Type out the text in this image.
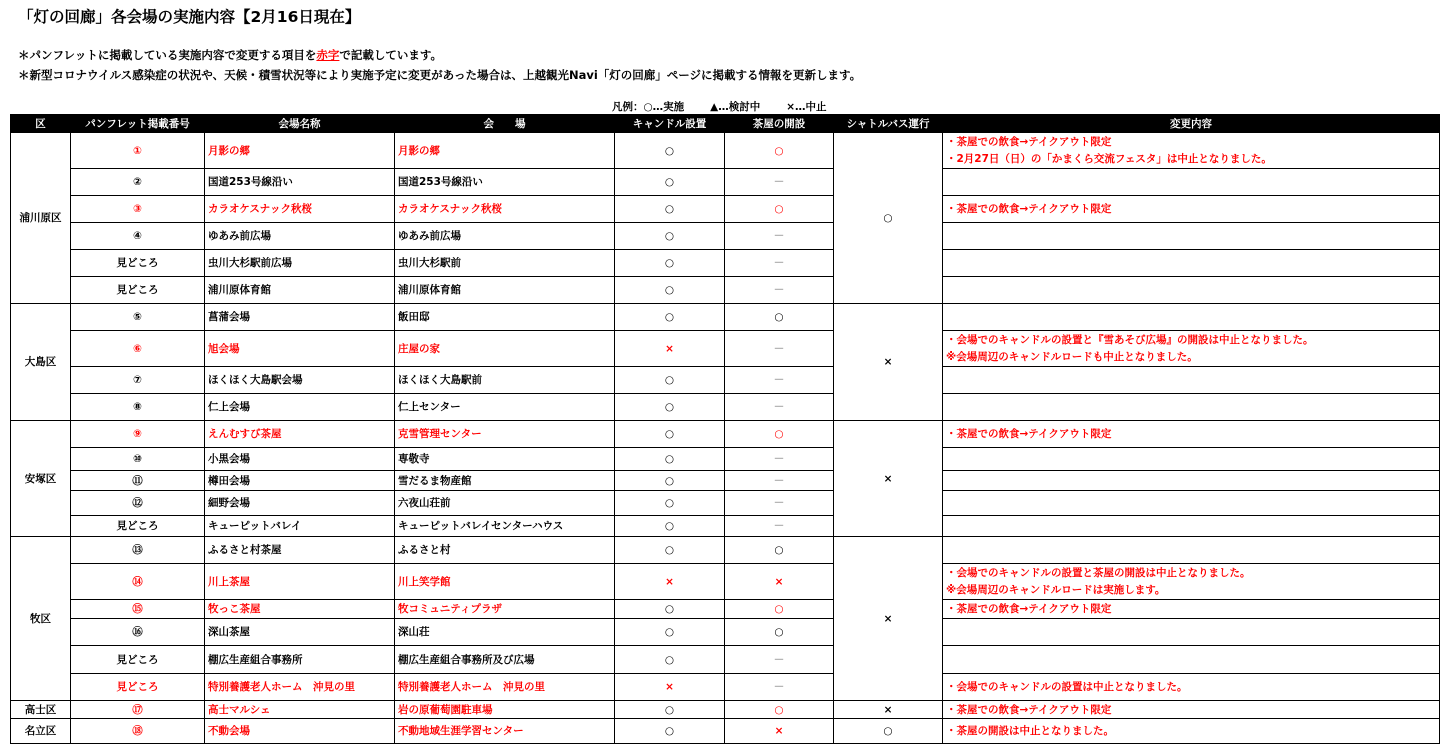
「灯の回廊」各会場の実施内容【2月16日現在】
＊パンフレットに掲載している実施内容で変更する項目を赤字で記載しています。
＊新型コロナウイルス感染症の状況や、天候・積雪状況等により実施予定に変更があった場合は、上越観光Navi「灯の回廊」ページに掲載する情報を更新します。
凡例：○…実施 ▲…検討中 ×…中止
区	パンフレット掲載番号	会場名称	会　　場	キャンドル設置	茶屋の開設	シャトルバス運行	変更内容
浦川原区	①	月影の郷	月影の郷	○	○	○	・茶屋での飲食→テイクアウト限定
・2月27日（日）の「かまくら交流フェスタ」は中止となりました。

	②	国道253号線沿い	国道253号線沿い	○	－		
	③	カラオケスナック秋桜	カラオケスナック秋桜	○	○		・茶屋での飲食→テイクアウト限定
	④	ゆあみ前広場	ゆあみ前広場	○	－		
	見どころ	虫川大杉駅前広場	虫川大杉駅前	○	－		
	見どころ	浦川原体育館	浦川原体育館	○	－		
大島区	⑤	菖蒲会場	飯田邸	○	○	×	
	⑥	旭会場	庄屋の家	×	－		・会場でのキャンドルの設置と『雪あそび広場』の開設は中止となりました。
※会場周辺のキャンドルロードも中止となりました。

	⑦	ほくほく大島駅会場	ほくほく大島駅前	○	－		
	⑧	仁上会場	仁上センター	○	－		
安塚区	⑨	えんむすび茶屋	克雪管理センター	○	○	×	・茶屋での飲食→テイクアウト限定
	⑩	小黒会場	専敬寺	○	－		
	⑪	樽田会場	雪だるま物産館	○	－		
	⑫	細野会場	六夜山荘前	○	－		
	見どころ	キューピットバレイ	キューピットバレイセンターハウス	○	－		
牧区	⑬	ふるさと村茶屋	ふるさと村	○	○	×	
	⑭	川上茶屋	川上笑学館	×	×		・会場でのキャンドルの設置と茶屋の開設は中止となりました。
※会場周辺のキャンドルロードは実施します。

	⑮	牧っこ茶屋	牧コミュニティプラザ	○	○		・茶屋での飲食→テイクアウト限定
	⑯	深山茶屋	深山荘	○	○		
	見どころ	棚広生産組合事務所	棚広生産組合事務所及び広場	○	－		
	見どころ	特別養護老人ホーム　沖見の里	特別養護老人ホーム　沖見の里	×	－		・会場でのキャンドルの設置は中止となりました。
高士区	⑰	高士マルシェ	岩の原葡萄園駐車場	○	○	×	・茶屋での飲食→テイクアウト限定
名立区	⑱	不動会場	不動地域生涯学習センター	○	×	○	・茶屋の開設は中止となりました。
